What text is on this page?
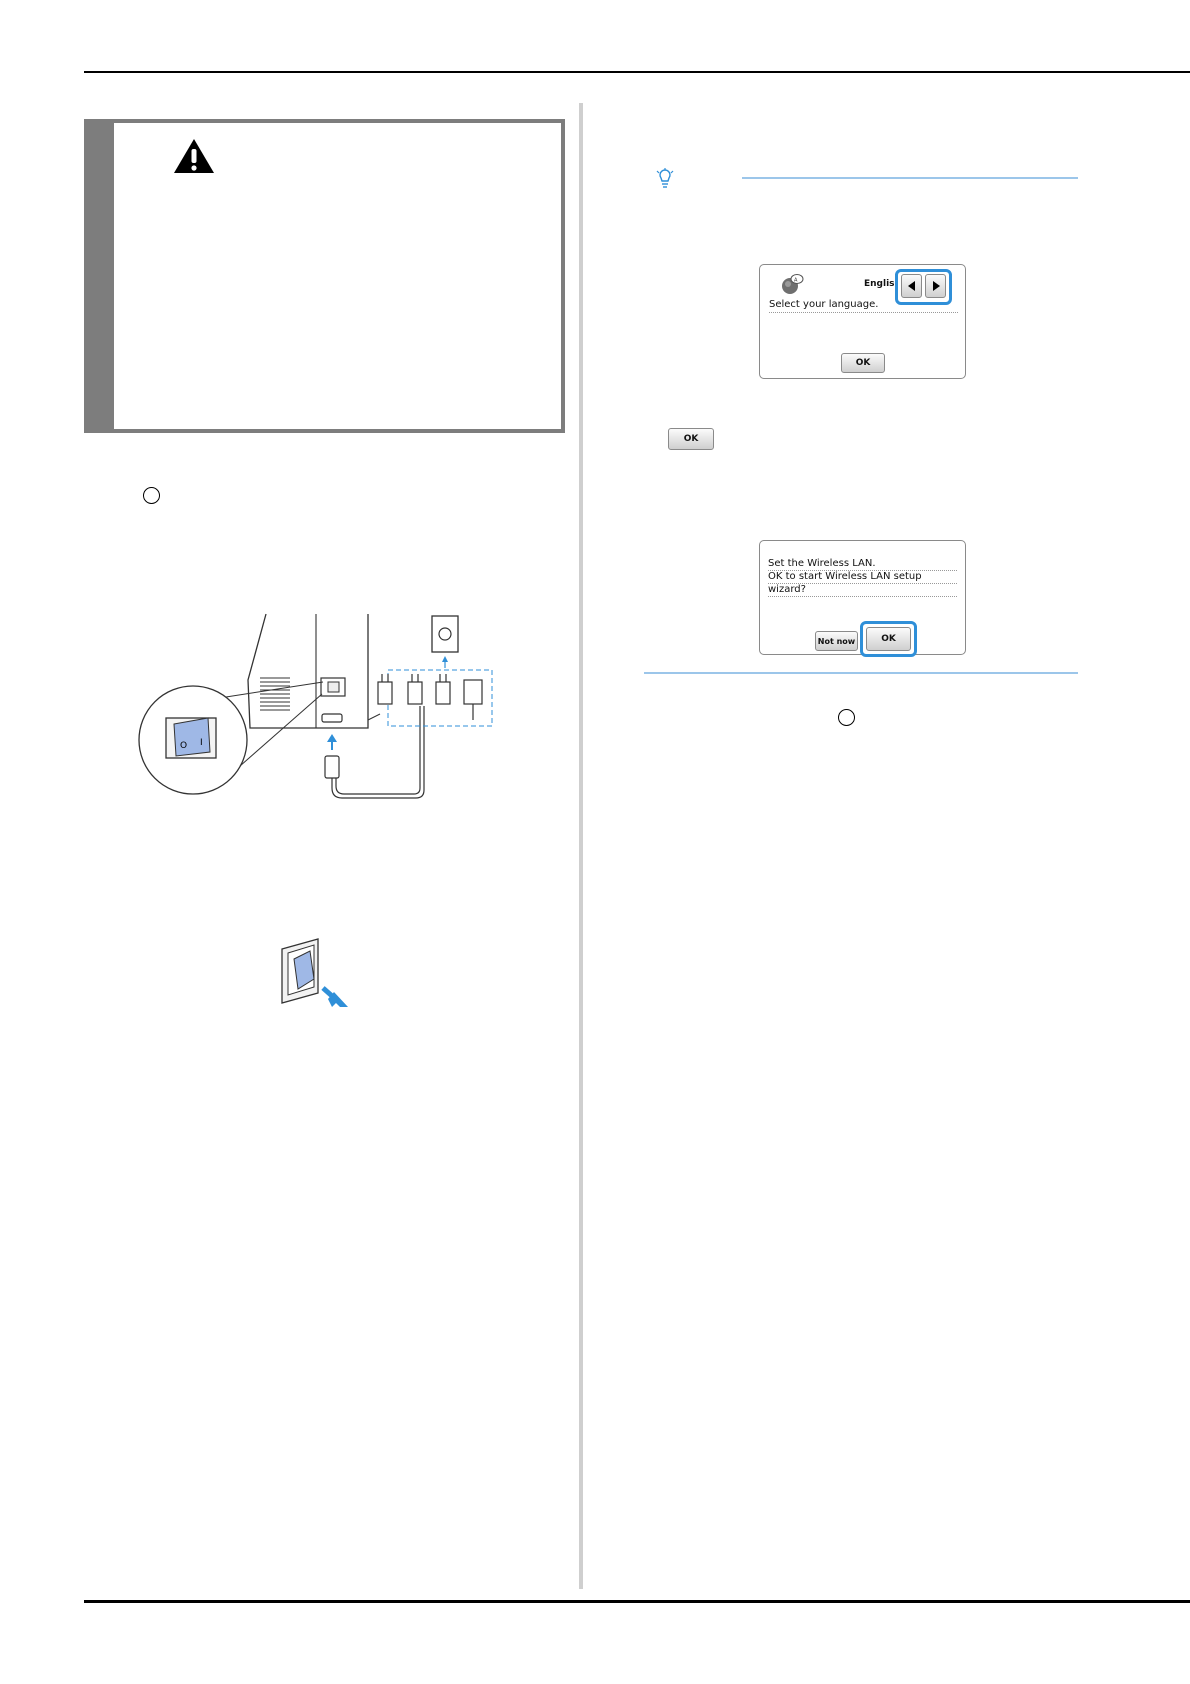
O I
A	Englisl
Select your language.
OK
OK
Set the Wireless LAN.
OK to start Wireless LAN setup
wizard?
Not now	OK
